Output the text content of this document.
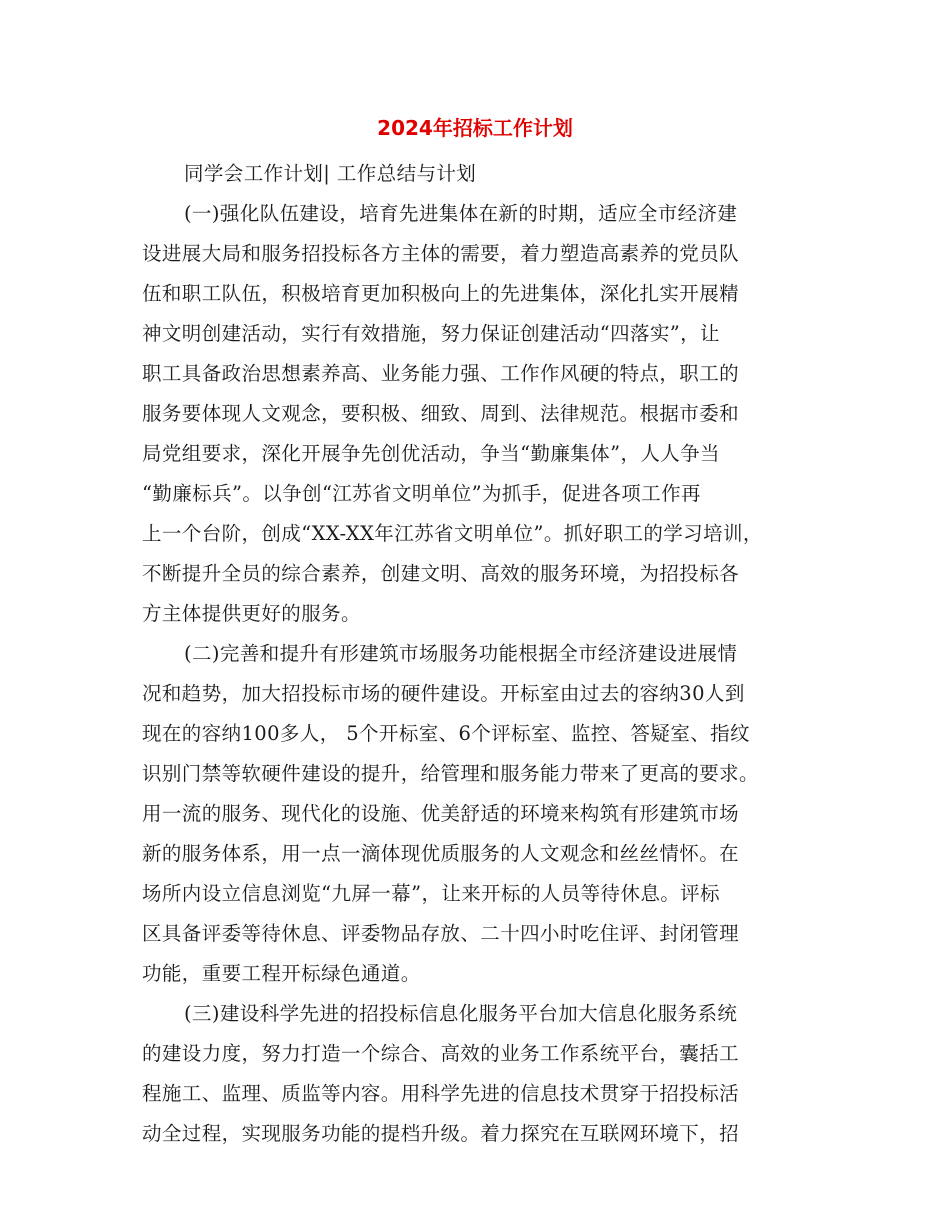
2024年招标工作计划
同学会工作计划| 工作总结与计划
(一)强化队伍建设，培育先进集体在新的时期，适应全市经济建
设进展大局和服务招投标各方主体的需要，着力塑造高素养的党员队
伍和职工队伍，积极培育更加积极向上的先进集体，深化扎实开展精
神文明创建活动，实行有效措施，努力保证创建活动“四落实”，让
职工具备政治思想素养高、业务能力强、工作作风硬的特点，职工的
服务要体现人文观念，要积极、细致、周到、法律规范。根据市委和
局党组要求，深化开展争先创优活动，争当“勤廉集体”，人人争当
“勤廉标兵”。以争创“江苏省文明单位”为抓手，促进各项工作再
上一个台阶，创成“XX-XX年江苏省文明单位”。抓好职工的学习培训，
不断提升全员的综合素养，创建文明、高效的服务环境，为招投标各
方主体提供更好的服务。
(二)完善和提升有形建筑市场服务功能根据全市经济建设进展情
况和趋势，加大招投标市场的硬件建设。开标室由过去的容纳30人到
现在的容纳100多人， 5个开标室、6个评标室、监控、答疑室、指纹
识别门禁等软硬件建设的提升，给管理和服务能力带来了更高的要求。
用一流的服务、现代化的设施、优美舒适的环境来构筑有形建筑市场
新的服务体系，用一点一滴体现优质服务的人文观念和丝丝情怀。在
场所内设立信息浏览“九屏一幕”，让来开标的人员等待休息。评标
区具备评委等待休息、评委物品存放、二十四小时吃住评、封闭管理
功能，重要工程开标绿色通道。
(三)建设科学先进的招投标信息化服务平台加大信息化服务系统
的建设力度，努力打造一个综合、高效的业务工作系统平台，囊括工
程施工、监理、质监等内容。用科学先进的信息技术贯穿于招投标活
动全过程，实现服务功能的提档升级。着力探究在互联网环境下，招
